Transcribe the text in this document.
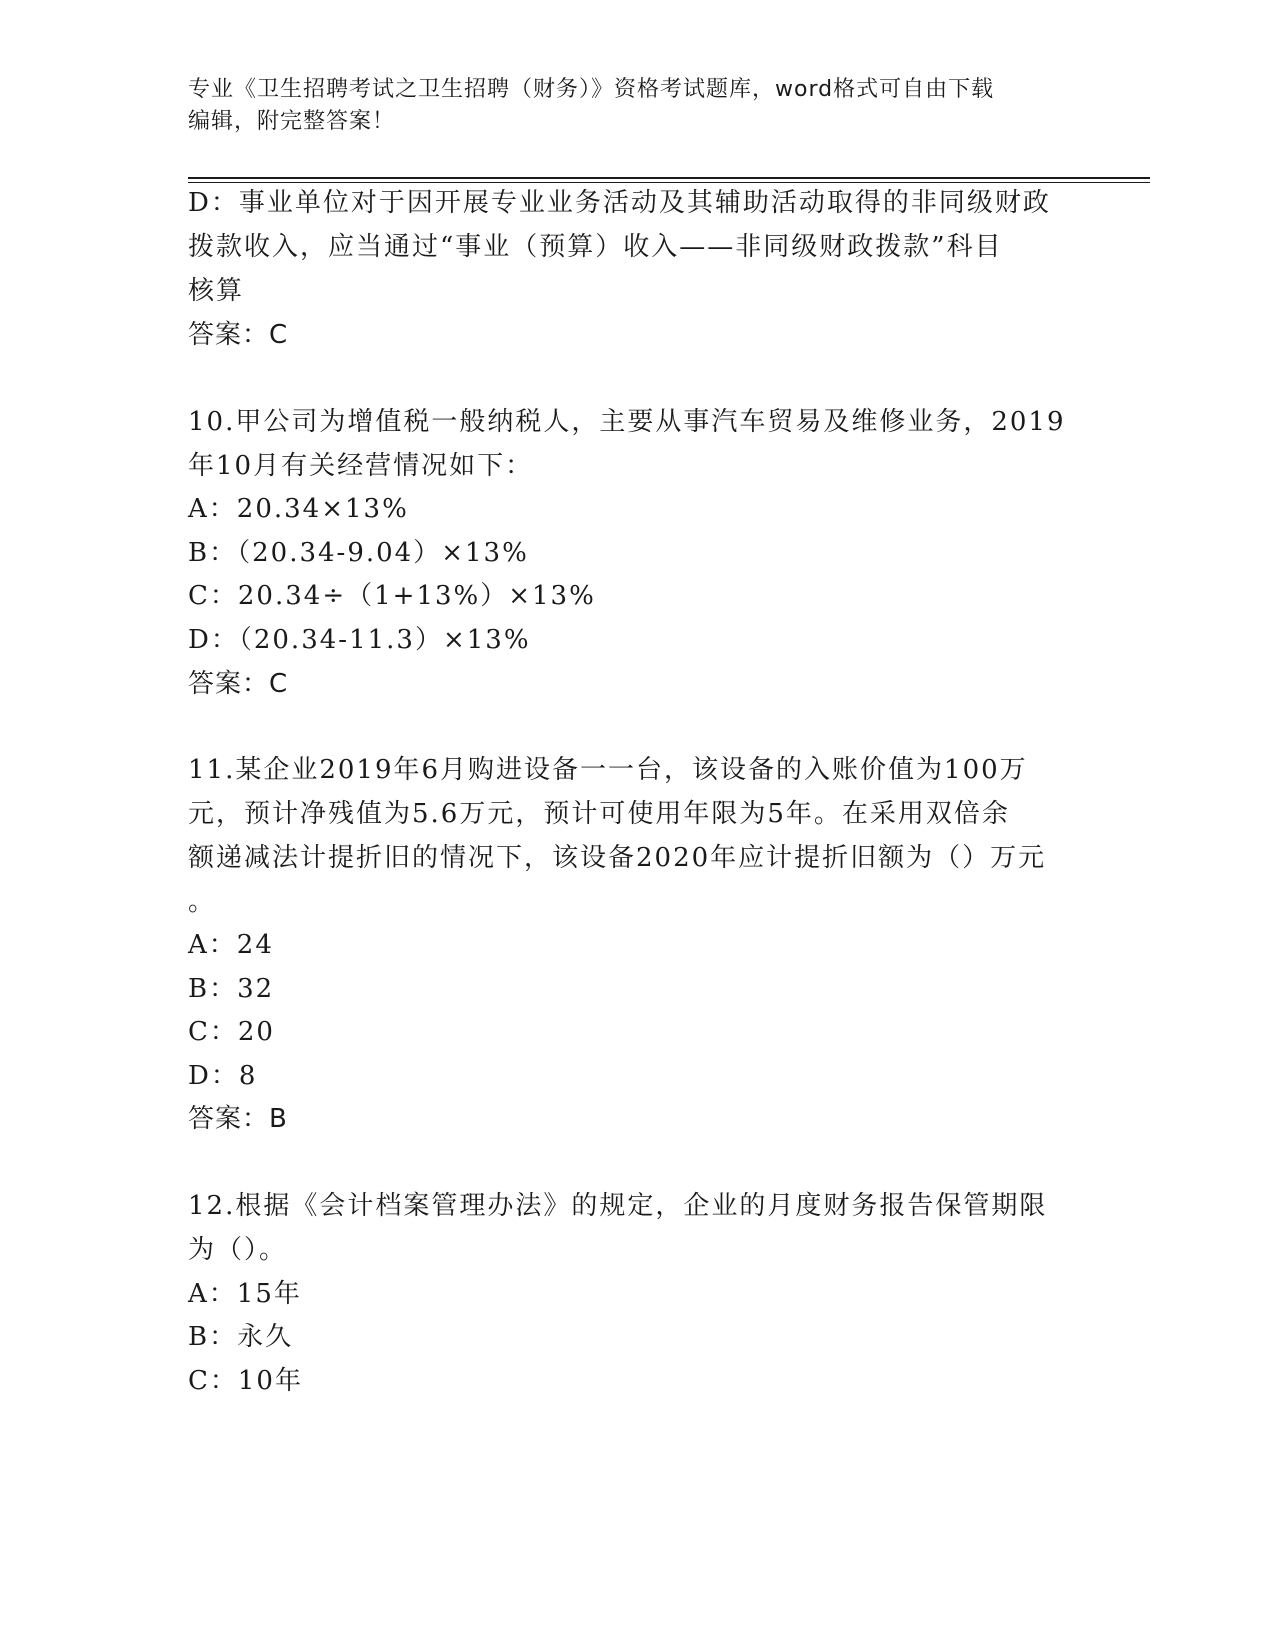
专业《卫生招聘考试之卫生招聘（财务）》资格考试题库，word格式可自由下载
编辑，附完整答案！
D：事业单位对于因开展专业业务活动及其辅助活动取得的非同级财政
拨款收入，应当通过“事业（预算）收入——非同级财政拨款”科目
核算
答案：C
10.甲公司为增值税一般纳税人，主要从事汽车贸易及维修业务，2019
年10月有关经营情况如下：
A：20.34×13%
B：（20.34-9.04）×13%
C：20.34÷（1+13%）×13%
D：（20.34-11.3）×13%
答案：C
11.某企业2019年6月购进设备一一台，该设备的入账价值为100万
元，预计净残值为5.6万元，预计可使用年限为5年。在采用双倍余
额递减法计提折旧的情况下，该设备2020年应计提折旧额为（）万元
。
A：24
B：32
C：20
D：8
答案：B
12.根据《会计档案管理办法》的规定，企业的月度财务报告保管期限
为（）。
A：15年
B：永久
C：10年
